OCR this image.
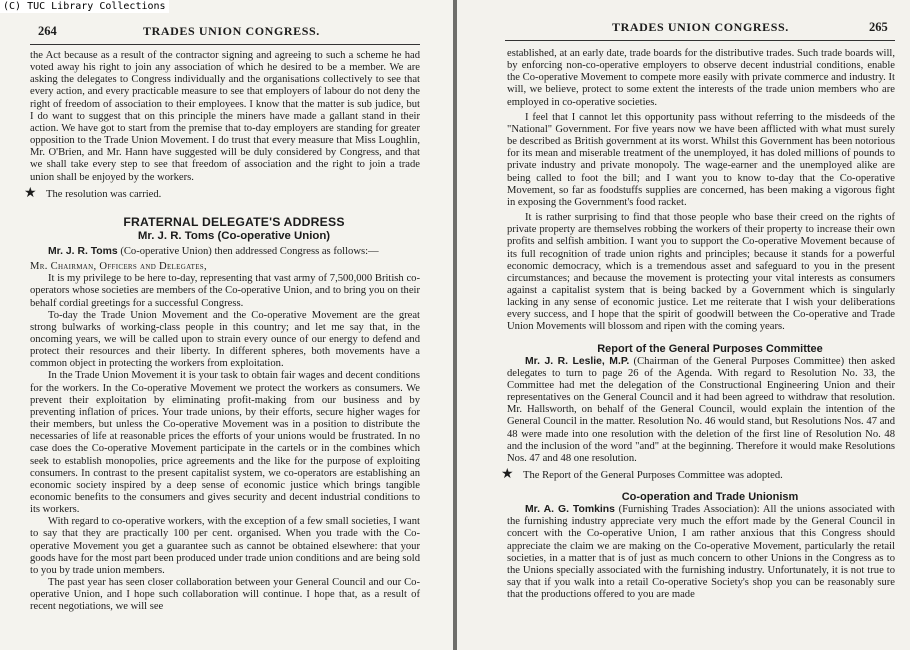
(C) TUC Library Collections
264	TRADES UNION CONGRESS.

the Act because as a result of the contractor signing and agreeing to such a scheme he had voted away his right to join any association of which he desired to be a member. We are asking the delegates to Congress individually and the organisations collectively to see that every action, and every practicable measure to see that employers of labour do not deny the right of freedom of association to their employees. I know that the matter is sub judice, but I do want to suggest that on this principle the miners have made a gallant stand in their action. We have got to start from the premise that to-day employers are standing for greater opposition to the Trade Union Movement. I do trust that every measure that Miss Loughlin, Mr. O'Brien, and Mr. Hann have suggested will be duly considered by Congress, and that we shall take every step to see that freedom of association and the right to join a trade union shall be enjoyed by the workers.

★ The resolution was carried.

FRATERNAL DELEGATE'S ADDRESS

Mr. J. R. Toms (Co-operative Union)

Mr. J. R. Toms (Co-operative Union) then addressed Congress as follows:—

Mr. Chairman, Officers and Delegates,

It is my privilege to be here to-day, representing that vast army of 7,500,000 British co-operators whose societies are members of the Co-operative Union, and to bring you on their behalf cordial greetings for a successful Congress.

To-day the Trade Union Movement and the Co-operative Movement are the great strong bulwarks of working-class people in this country; and let me say that, in the oncoming years, we will be called upon to strain every ounce of our energy to defend and protect their resources and their liberty. In different spheres, both movements have a common object in protecting the workers from exploitation.

In the Trade Union Movement it is your task to obtain fair wages and decent conditions for the workers. In the Co-operative Movement we protect the workers as consumers. We prevent their exploitation by eliminating profit-making from our business and by preventing inflation of prices. Your trade unions, by their efforts, secure higher wages for their members, but unless the Co-operative Movement was in a position to distribute the necessaries of life at reasonable prices the efforts of your unions would be frustrated. In no case does the Co-operative Movement participate in the cartels or in the combines which seek to establish monopolies, price agreements and the like for the purpose of exploiting consumers. In contrast to the present capitalist system, we co-operators are establishing an economic society inspired by a deep sense of economic justice which brings tangible economic benefits to the consumers and gives security and decent industrial conditions to its workers.

With regard to co-operative workers, with the exception of a few small societies, I want to say that they are practically 100 per cent. organised. When you trade with the Co-operative Movement you get a guarantee such as cannot be obtained elsewhere: that your goods have for the most part been produced under trade union conditions and are being sold to you by trade union members.

The past year has seen closer collaboration between your General Council and our Co-operative Union, and I hope such collaboration will continue. I hope that, as a result of recent negotiations, we will see

TRADES UNION CONGRESS.	265

established, at an early date, trade boards for the distributive trades. Such trade boards will, by enforcing non-co-operative employers to observe decent industrial conditions, enable the Co-operative Movement to compete more easily with private commerce and industry. It will, we believe, protect to some extent the interests of the trade union members who are employed in co-operative societies.

I feel that I cannot let this opportunity pass without referring to the misdeeds of the "National" Government. For five years now we have been afflicted with what must surely be described as British government at its worst. Whilst this Government has been notorious for its mean and miserable treatment of the unemployed, it has doled millions of pounds to private industry and private monopoly. The wage-earner and the unemployed alike are being called to foot the bill; and I want you to know to-day that the Co-operative Movement, so far as foodstuffs supplies are concerned, has been making a vigorous fight in exposing the Government's food racket.

It is rather surprising to find that those people who base their creed on the rights of private property are themselves robbing the workers of their property to increase their own profits and selfish ambition. I want you to support the Co-operative Movement because of its full recognition of trade union rights and principles; because it stands for a powerful economic democracy, which is a tremendous asset and safeguard to you in the present circumstances; and because the movement is protecting your vital interests as consumers against a capitalist system that is being backed by a Government which is singularly lacking in any sense of economic justice. Let me reiterate that I wish your deliberations every success, and I hope that the spirit of goodwill between the Co-operative and Trade Union Movements will blossom and ripen with the coming years.

Report of the General Purposes Committee

Mr. J. R. Leslie, M.P. (Chairman of the General Purposes Committee) then asked delegates to turn to page 26 of the Agenda. With regard to Resolution No. 33, the Committee had met the delegation of the Constructional Engineering Union and their representatives on the General Council and it had been agreed to withdraw that resolution. Mr. Hallsworth, on behalf of the General Council, would explain the intention of the General Council in the matter. Resolution No. 46 would stand, but Resolutions Nos. 47 and 48 were made into one resolution with the deletion of the first line of Resolution No. 48 and the inclusion of the word "and" at the beginning. Therefore it would make Resolutions Nos. 47 and 48 one resolution.

★ The Report of the General Purposes Committee was adopted.

Co-operation and Trade Unionism

Mr. A. G. Tomkins (Furnishing Trades Association): All the unions associated with the furnishing industry appreciate very much the effort made by the General Council in concert with the Co-operative Union, I am rather anxious that this Congress should appreciate the claim we are making on the Co-operative Movement, particularly the retail societies, in a matter that is of just as much concern to other Unions in the Congress as to the Unions specially associated with the furnishing industry. Unfortunately, it is not true to say that if you walk into a retail Co-operative Society's shop you can be reasonably sure that the productions offered to you are made
